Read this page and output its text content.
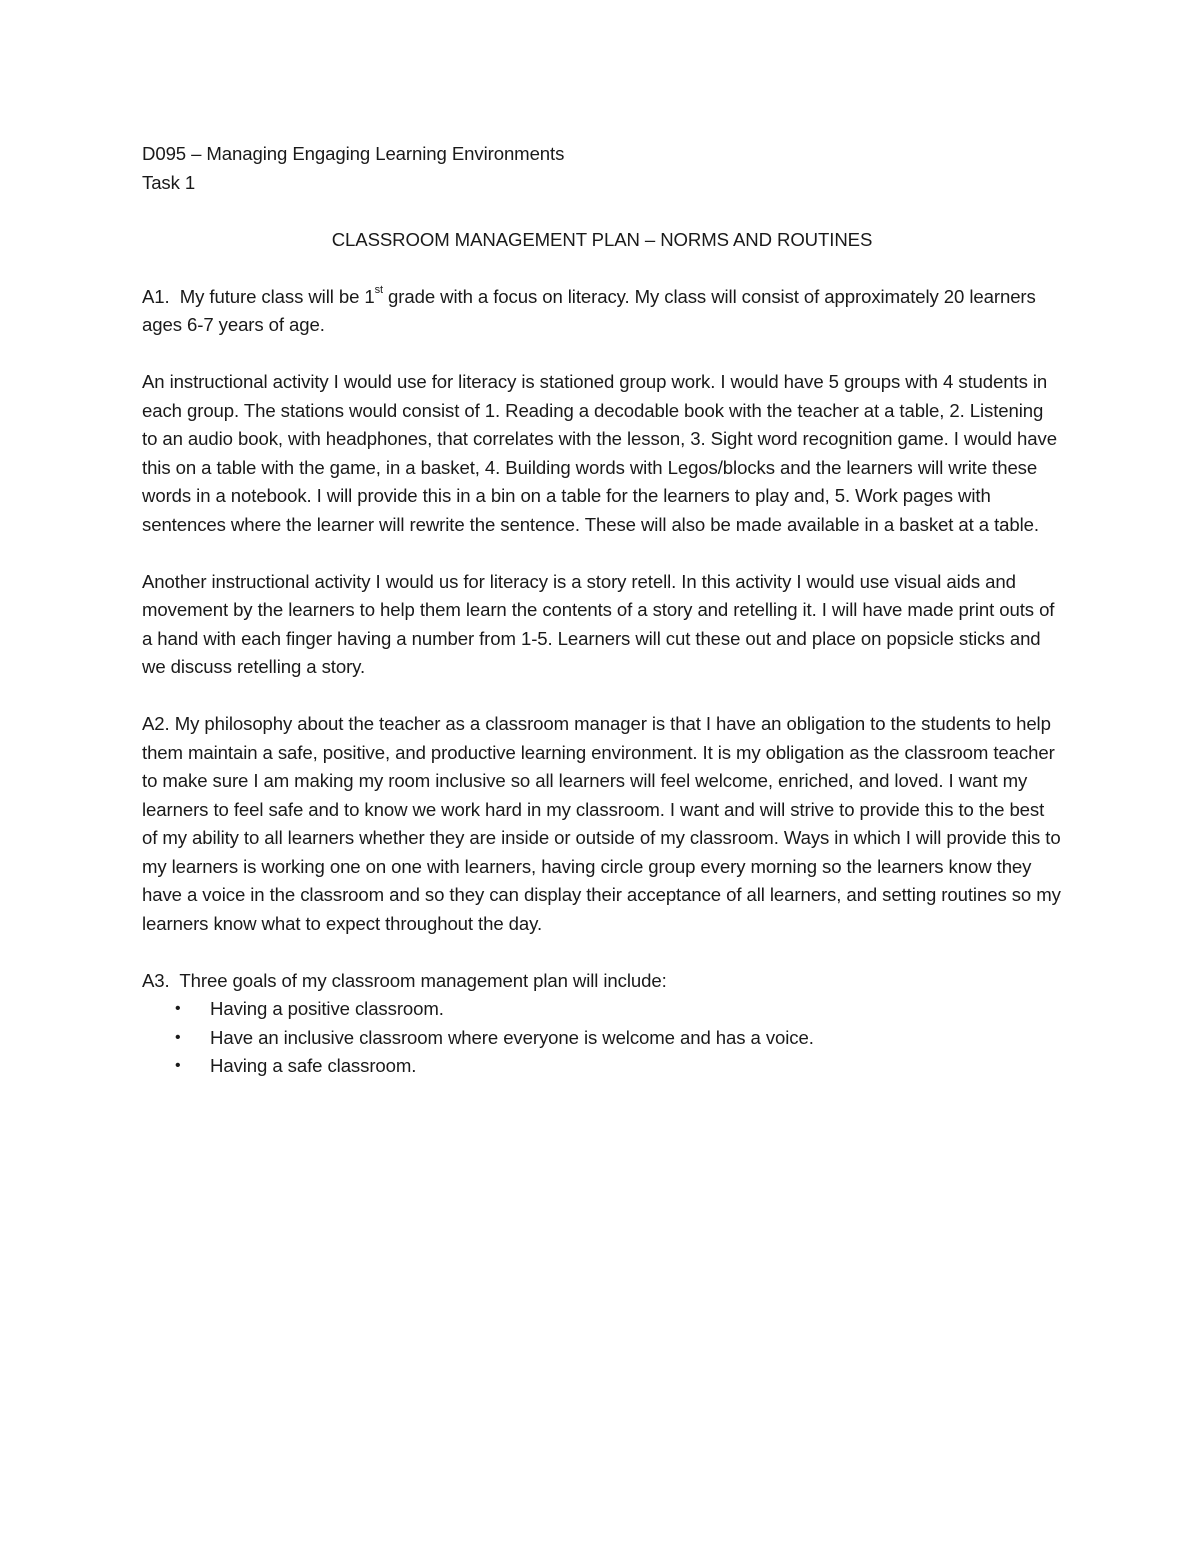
D095 – Managing Engaging Learning Environments

Task 1

CLASSROOM MANAGEMENT PLAN – NORMS AND ROUTINES

A1. My future class will be 1st grade with a focus on literacy. My class will consist of approximately 20 learners ages 6-7 years of age.

An instructional activity I would use for literacy is stationed group work. I would have 5 groups with 4 students in each group. The stations would consist of 1. Reading a decodable book with the teacher at a table, 2. Listening to an audio book, with headphones, that correlates with the lesson, 3. Sight word recognition game. I would have this on a table with the game, in a basket, 4. Building words with Legos/blocks and the learners will write these words in a notebook. I will provide this in a bin on a table for the learners to play and, 5. Work pages with sentences where the learner will rewrite the sentence. These will also be made available in a basket at a table.

Another instructional activity I would us for literacy is a story retell. In this activity I would use visual aids and movement by the learners to help them learn the contents of a story and retelling it. I will have made print outs of a hand with each finger having a number from 1-5. Learners will cut these out and place on popsicle sticks and we discuss retelling a story.

A2. My philosophy about the teacher as a classroom manager is that I have an obligation to the students to help them maintain a safe, positive, and productive learning environment. It is my obligation as the classroom teacher to make sure I am making my room inclusive so all learners will feel welcome, enriched, and loved. I want my learners to feel safe and to know we work hard in my classroom. I want and will strive to provide this to the best of my ability to all learners whether they are inside or outside of my classroom. Ways in which I will provide this to my learners is working one on one with learners, having circle group every morning so the learners know they have a voice in the classroom and so they can display their acceptance of all learners, and setting routines so my learners know what to expect throughout the day.

A3. Three goals of my classroom management plan will include:

• Having a positive classroom.
• Have an inclusive classroom where everyone is welcome and has a voice.
• Having a safe classroom.
